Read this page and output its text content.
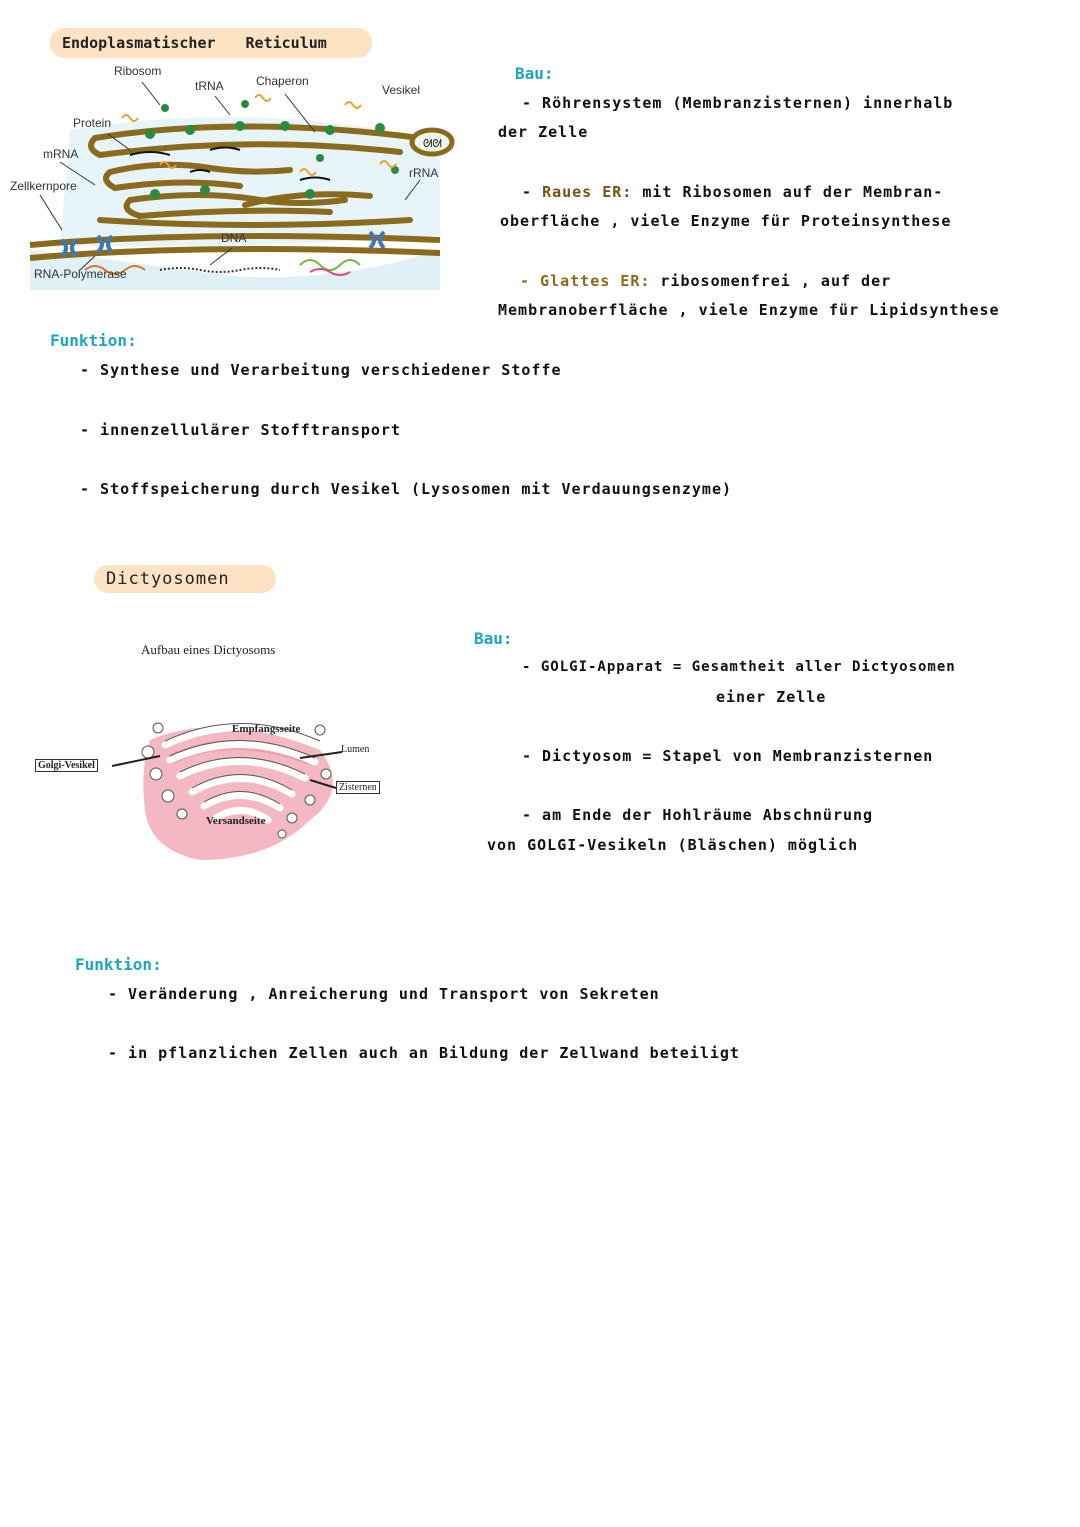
Endoplasmatischer Reticulum
ᘛᘛ
Ribosom
tRNA	Chaperon
Vesikel
Protein
mRNA
Zellkernpore
rRNA
DNA
RNA-Polymerase
Bau:
- Röhrensystem (Membranzisternen) innerhalb
der Zelle
- Raues ER: mit Ribosomen auf der Membran-
oberfläche , viele Enzyme für Proteinsynthese
- Glattes ER: ribosomenfrei , auf der
Membranoberfläche , viele Enzyme für Lipidsynthese
Funktion:
- Synthese und Verarbeitung verschiedener Stoffe
- innenzellulärer Stofftransport
- Stoffspeicherung durch Vesikel (Lysosomen mit Verdauungsenzyme)
Dictyosomen
Aufbau eines Dictyosoms
Empfangsseite
Lumen
Golgi-Vesikel
Zisternen
Versandseite
Bau:
- GOLGI-Apparat = Gesamtheit aller Dictyosomen
einer Zelle
- Dictyosom = Stapel von Membranzisternen
- am Ende der Hohlräume Abschnürung
von GOLGI-Vesikeln (Bläschen) möglich
Funktion:
- Veränderung , Anreicherung und Transport von Sekreten
- in pflanzlichen Zellen auch an Bildung der Zellwand beteiligt
